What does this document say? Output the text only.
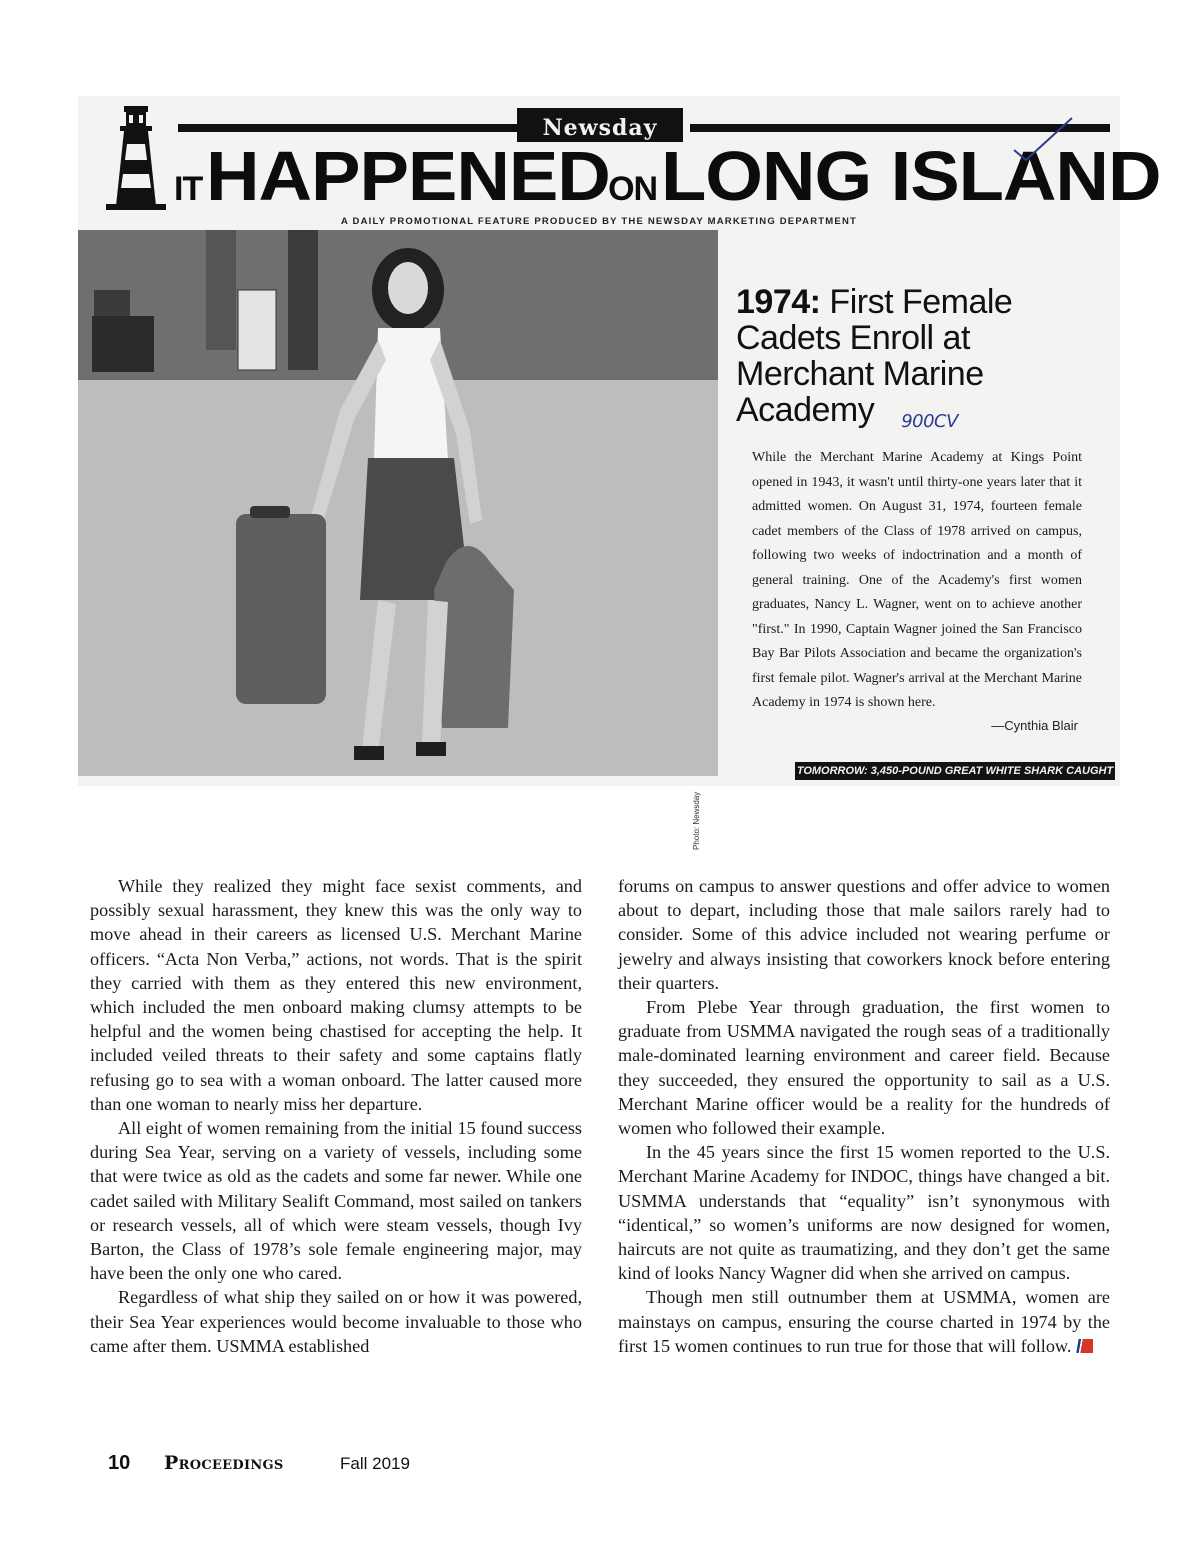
Newsday
IT HAPPENED ON LONG ISLAND
A DAILY PROMOTIONAL FEATURE PRODUCED BY THE NEWSDAY MARKETING DEPARTMENT
Photo: Newsday
1974: First Female Cadets Enroll at Merchant Marine Academy 900CV
While the Merchant Marine Academy at Kings Point opened in 1943, it wasn't until thirty-one years later that it admitted women. On August 31, 1974, fourteen female cadet members of the Class of 1978 arrived on campus, following two weeks of indoctrination and a month of general training. One of the Academy's first women graduates, Nancy L. Wagner, went on to achieve another "first." In 1990, Captain Wagner joined the San Francisco Bay Bar Pilots Association and became the organization's first female pilot. Wagner's arrival at the Merchant Marine Academy in 1974 is shown here.
—Cynthia Blair
TOMORROW: 3,450-POUND GREAT WHITE SHARK CAUGHT

While they realized they might face sexist comments, and possibly sexual harassment, they knew this was the only way to move ahead in their careers as licensed U.S. Merchant Marine officers. “Acta Non Verba,” actions, not words. That is the spirit they carried with them as they entered this new environment, which included the men onboard making clumsy attempts to be helpful and the women being chastised for accepting the help. It included veiled threats to their safety and some captains flatly refusing go to sea with a woman onboard. The latter caused more than one woman to nearly miss her departure.

All eight of women remaining from the initial 15 found success during Sea Year, serving on a variety of vessels, including some that were twice as old as the cadets and some far newer. While one cadet sailed with Military Sealift Command, most sailed on tankers or research vessels, all of which were steam vessels, though Ivy Barton, the Class of 1978’s sole female engineering major, may have been the only one who cared.

Regardless of what ship they sailed on or how it was powered, their Sea Year experiences would become invaluable to those who came after them. USMMA established

forums on campus to answer questions and offer advice to women about to depart, including those that male sailors rarely had to consider. Some of this advice included not wearing perfume or jewelry and always insisting that coworkers knock before entering their quarters.

From Plebe Year through graduation, the first women to graduate from USMMA navigated the rough seas of a traditionally male-dominated learning environment and career field. Because they succeeded, they ensured the opportunity to sail as a U.S. Merchant Marine officer would be a reality for the hundreds of women who followed their example.

In the 45 years since the first 15 women reported to the U.S. Merchant Marine Academy for INDOC, things have changed a bit. USMMA understands that “equality” isn’t synonymous with “identical,” so women’s uniforms are now designed for women, haircuts are not quite as traumatizing, and they don’t get the same kind of looks Nancy Wagner did when she arrived on campus.

Though men still outnumber them at USMMA, women are mainstays on campus, ensuring the course charted in 1974 by the first 15 women continues to run true for those that will follow.

10 Proceedings	Fall 2019
